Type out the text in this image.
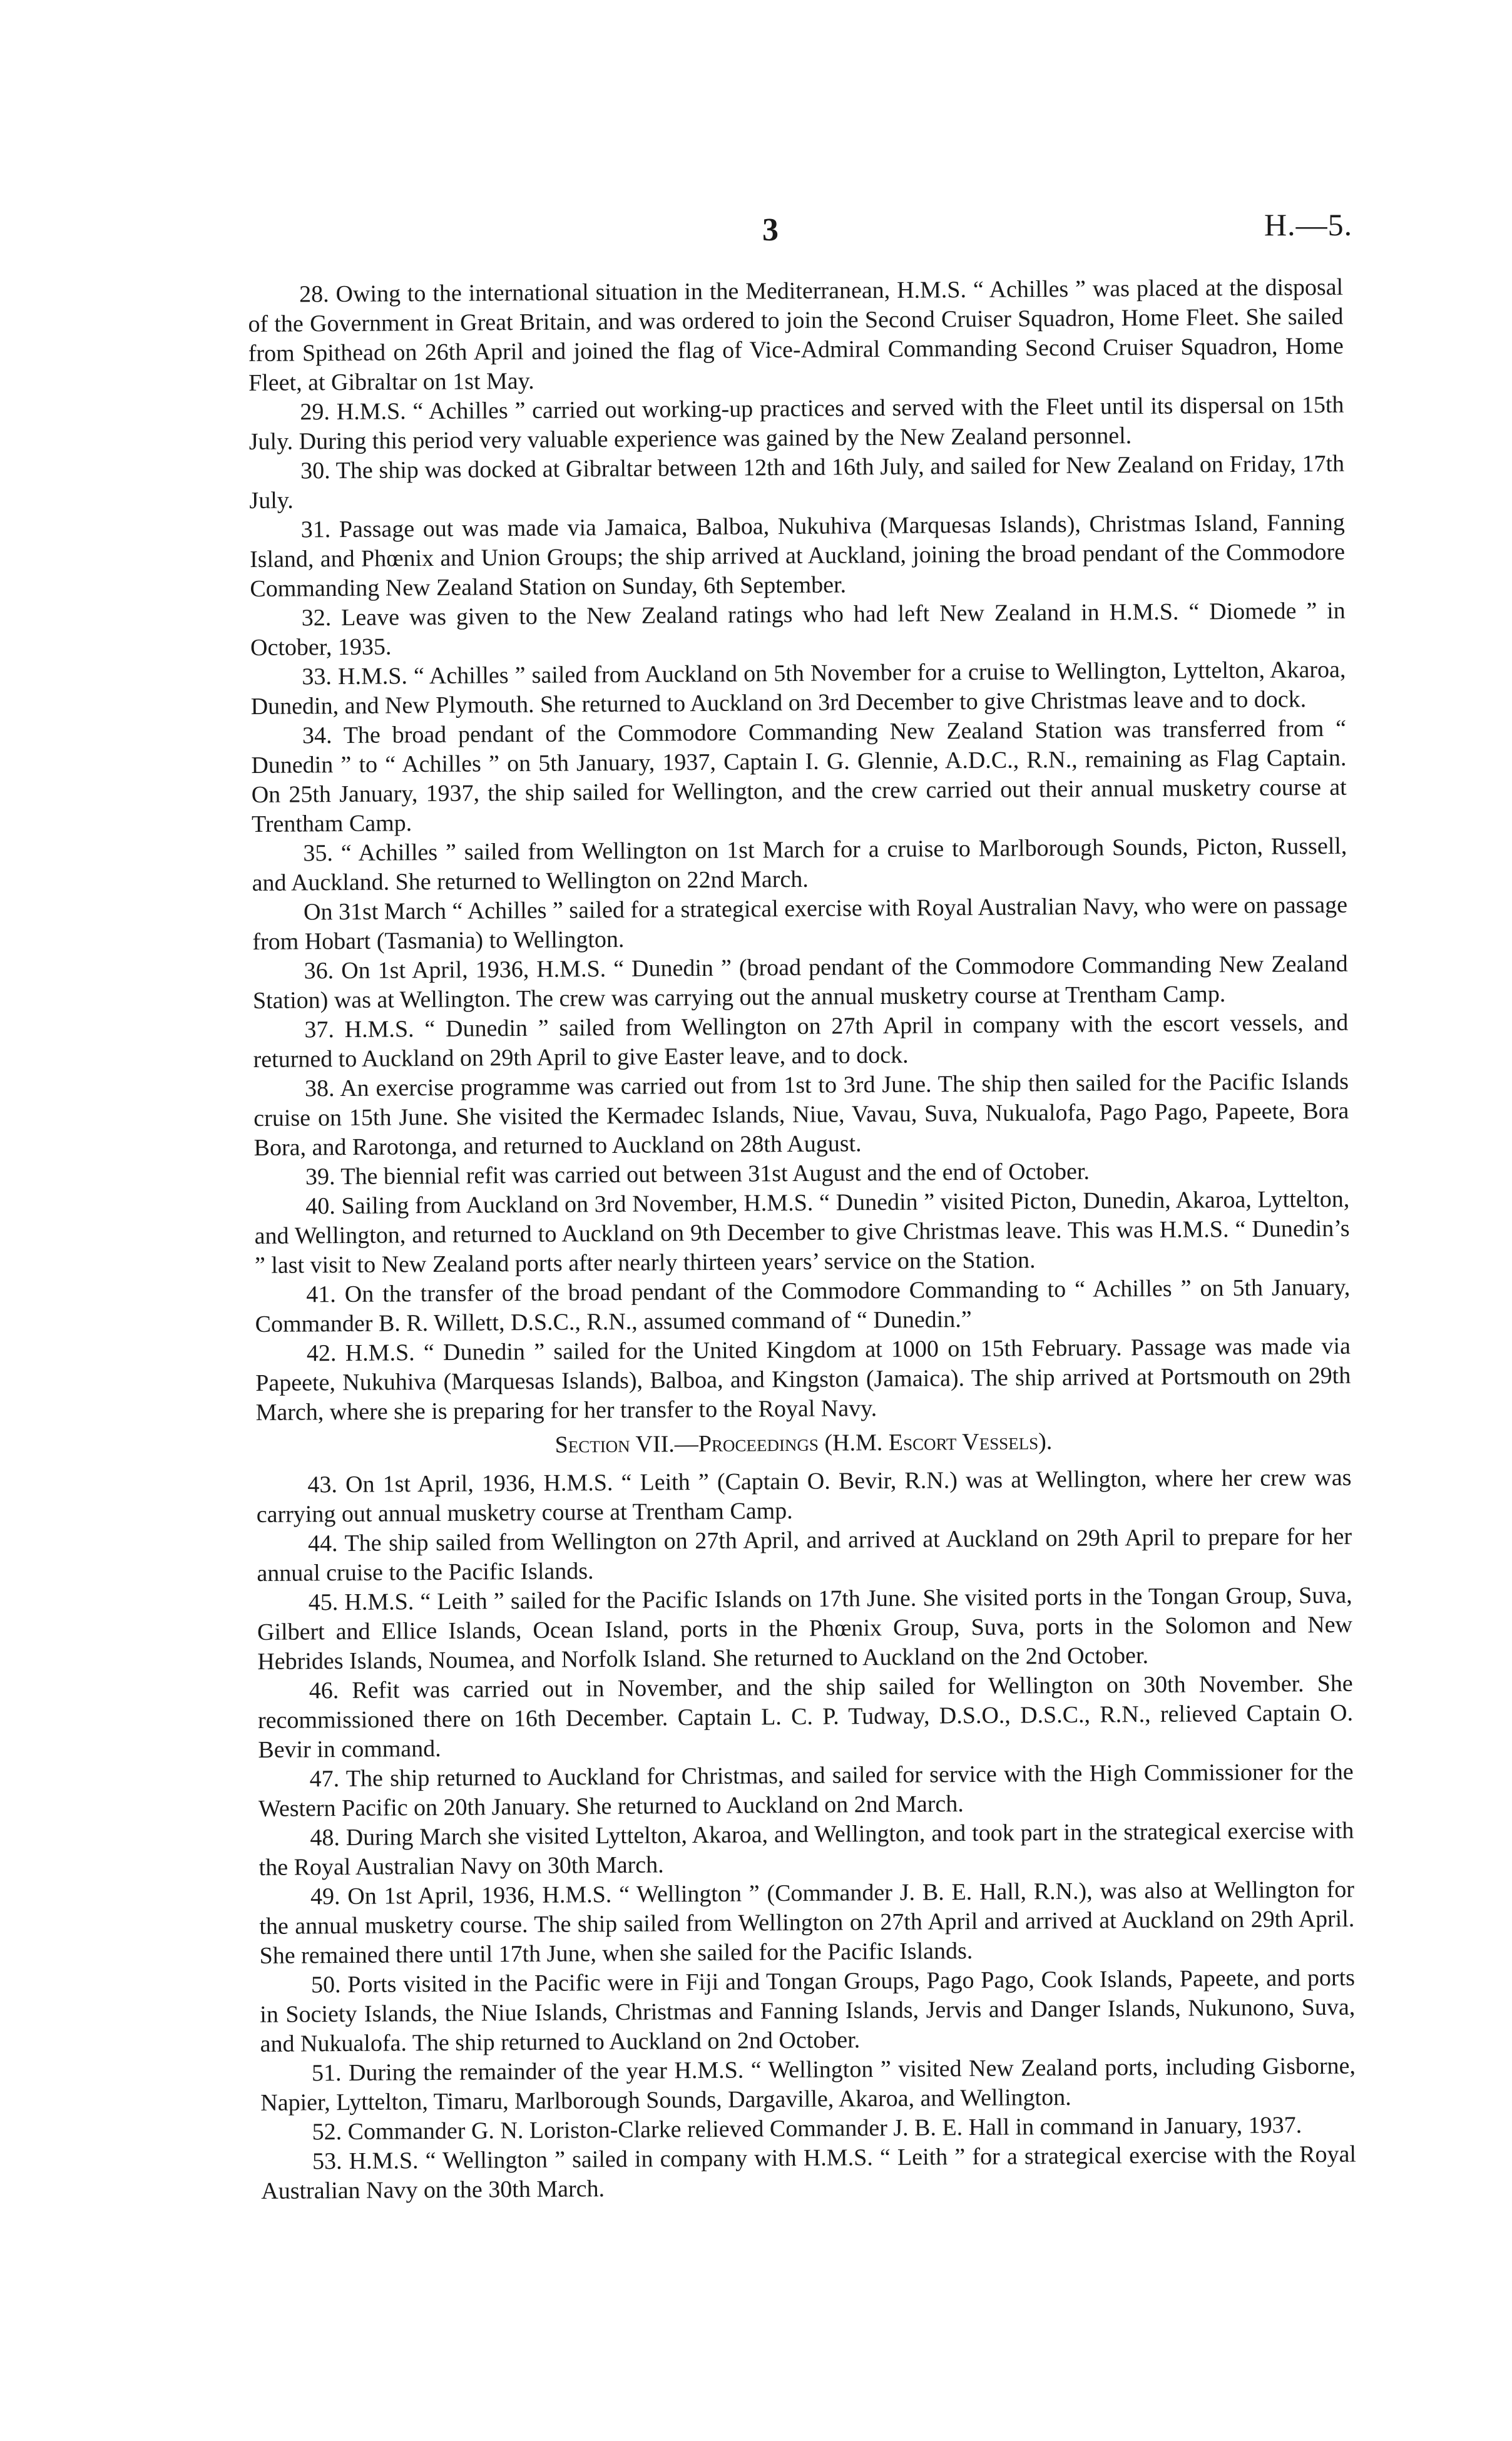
3	H.—5.

28. Owing to the international situation in the Mediterranean, H.M.S. “ Achilles ” was placed at the disposal of the Government in Great Britain, and was ordered to join the Second Cruiser Squadron, Home Fleet. She sailed from Spithead on 26th April and joined the flag of Vice-Admiral Commanding Second Cruiser Squadron, Home Fleet, at Gibraltar on 1st May.

29. H.M.S. “ Achilles ” carried out working-up practices and served with the Fleet until its dispersal on 15th July. During this period very valuable experience was gained by the New Zealand personnel.

30. The ship was docked at Gibraltar between 12th and 16th July, and sailed for New Zealand on Friday, 17th July.

31. Passage out was made via Jamaica, Balboa, Nukuhiva (Marquesas Islands), Christmas Island, Fanning Island, and Phœnix and Union Groups; the ship arrived at Auckland, joining the broad pendant of the Commodore Commanding New Zealand Station on Sunday, 6th September.

32. Leave was given to the New Zealand ratings who had left New Zealand in H.M.S. “ Diomede ” in October, 1935.

33. H.M.S. “ Achilles ” sailed from Auckland on 5th November for a cruise to Wellington, Lyttelton, Akaroa, Dunedin, and New Plymouth. She returned to Auckland on 3rd December to give Christmas leave and to dock.

34. The broad pendant of the Commodore Commanding New Zealand Station was transferred from “ Dunedin ” to “ Achilles ” on 5th January, 1937, Captain I. G. Glennie, A.D.C., R.N., remaining as Flag Captain. On 25th January, 1937, the ship sailed for Wellington, and the crew carried out their annual musketry course at Trentham Camp.

35. “ Achilles ” sailed from Wellington on 1st March for a cruise to Marlborough Sounds, Picton, Russell, and Auckland. She returned to Wellington on 22nd March.

On 31st March “ Achilles ” sailed for a strategical exercise with Royal Australian Navy, who were on passage from Hobart (Tasmania) to Wellington.

36. On 1st April, 1936, H.M.S. “ Dunedin ” (broad pendant of the Commodore Commanding New Zealand Station) was at Wellington. The crew was carrying out the annual musketry course at Trentham Camp.

37. H.M.S. “ Dunedin ” sailed from Wellington on 27th April in company with the escort vessels, and returned to Auckland on 29th April to give Easter leave, and to dock.

38. An exercise programme was carried out from 1st to 3rd June. The ship then sailed for the Pacific Islands cruise on 15th June. She visited the Kermadec Islands, Niue, Vavau, Suva, Nukualofa, Pago Pago, Papeete, Bora Bora, and Rarotonga, and returned to Auckland on 28th August.

39. The biennial refit was carried out between 31st August and the end of October.

40. Sailing from Auckland on 3rd November, H.M.S. “ Dunedin ” visited Picton, Dunedin, Akaroa, Lyttelton, and Wellington, and returned to Auckland on 9th December to give Christmas leave. This was H.M.S. “ Dunedin’s ” last visit to New Zealand ports after nearly thirteen years’ service on the Station.

41. On the transfer of the broad pendant of the Commodore Commanding to “ Achilles ” on 5th January, Commander B. R. Willett, D.S.C., R.N., assumed command of “ Dunedin.”

42. H.M.S. “ Dunedin ” sailed for the United Kingdom at 1000 on 15th February. Passage was made via Papeete, Nukuhiva (Marquesas Islands), Balboa, and Kingston (Jamaica). The ship arrived at Portsmouth on 29th March, where she is preparing for her transfer to the Royal Navy.

Section VII.—Proceedings (H.M. Escort Vessels).

43. On 1st April, 1936, H.M.S. “ Leith ” (Captain O. Bevir, R.N.) was at Wellington, where her crew was carrying out annual musketry course at Trentham Camp.

44. The ship sailed from Wellington on 27th April, and arrived at Auckland on 29th April to prepare for her annual cruise to the Pacific Islands.

45. H.M.S. “ Leith ” sailed for the Pacific Islands on 17th June. She visited ports in the Tongan Group, Suva, Gilbert and Ellice Islands, Ocean Island, ports in the Phœnix Group, Suva, ports in the Solomon and New Hebrides Islands, Noumea, and Norfolk Island. She returned to Auckland on the 2nd October.

46. Refit was carried out in November, and the ship sailed for Wellington on 30th November. She recommissioned there on 16th December. Captain L. C. P. Tudway, D.S.O., D.S.C., R.N., relieved Captain O. Bevir in command.

47. The ship returned to Auckland for Christmas, and sailed for service with the High Commissioner for the Western Pacific on 20th January. She returned to Auckland on 2nd March.

48. During March she visited Lyttelton, Akaroa, and Wellington, and took part in the strategical exercise with the Royal Australian Navy on 30th March.

49. On 1st April, 1936, H.M.S. “ Wellington ” (Commander J. B. E. Hall, R.N.), was also at Wellington for the annual musketry course. The ship sailed from Wellington on 27th April and arrived at Auckland on 29th April. She remained there until 17th June, when she sailed for the Pacific Islands.

50. Ports visited in the Pacific were in Fiji and Tongan Groups, Pago Pago, Cook Islands, Papeete, and ports in Society Islands, the Niue Islands, Christmas and Fanning Islands, Jervis and Danger Islands, Nukunono, Suva, and Nukualofa. The ship returned to Auckland on 2nd October.

51. During the remainder of the year H.M.S. “ Wellington ” visited New Zealand ports, including Gisborne, Napier, Lyttelton, Timaru, Marlborough Sounds, Dargaville, Akaroa, and Wellington.

52. Commander G. N. Loriston-Clarke relieved Commander J. B. E. Hall in command in January, 1937.

53. H.M.S. “ Wellington ” sailed in company with H.M.S. “ Leith ” for a strategical exercise with the Royal Australian Navy on the 30th March.
